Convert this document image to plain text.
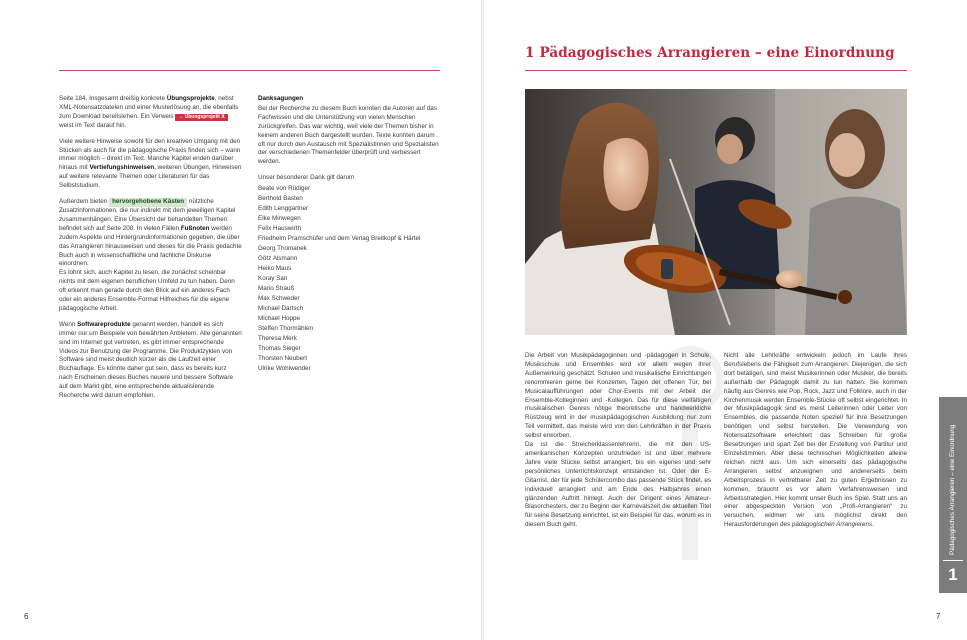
Seite 184. Insgesamt dreißig konkrete Übungsprojekte, nebst XML-Notensatzdateien und einer Musterlösung an, die ebenfalls zum Download bereitstehen. Ein Verweis → Übungsprojekt X weist im Text darauf hin.

Viele weitere Hinweise sowohl für den kreativen Umgang mit den Stücken als auch für die pädagogische Praxis finden sich – wann immer möglich – direkt im Text. Manche Kapitel enden darüber hinaus mit Vertiefungshinweisen, weiteren Übungen, Hinweisen auf weitere relevante Themen oder Literaturen für das Selbststudium.

Außerdem bieten hervorgehobene Kästen nützliche Zusatzinformationen, die nur indirekt mit dem jeweiligen Kapitel zusammenhängen. Eine Übersicht der behandelten Themen befindet sich auf Seite 208. In vielen Fällen Fußnoten werden zudem Aspekte und Hintergrundinformationen gegeben, die über das Arrangieren hinausweisen und dieses für die Praxis gedachte Buch auch in wissenschaftliche und fachliche Diskurse einordnen.

Es lohnt sich, auch Kapitel zu lesen, die zunächst scheinbar nichts mit dem eigenen beruflichen Umfeld zu tun haben. Denn oft erkennt man gerade durch den Blick auf ein anderes Fach oder ein anderes Ensemble-Format Hilfreiches für die eigene pädagogische Arbeit.

Wenn Softwareprodukte genannt werden, handelt es sich immer nur um Beispiele von bewährten Anbietern. Alle genannten sind im Internet gut vertreten, es gibt immer entsprechende Videos zur Benutzung der Programme. Die Produktzyklen von Software sind meist deutlich kürzer als die Laufzeit einer Buchauflage. Es könnte daher gut sein, dass es bereits kurz nach Erscheinen dieses Buches neuere und bessere Software auf dem Markt gibt, eine entsprechende aktualisierende Recherche wird darum empfohlen.

Danksagungen

Bei der Recherche zu diesem Buch konnten die Autoren auf das Fachwissen und die Unterstützung von vielen Menschen zurückgreifen. Das war wichtig, weil viele der Themen bisher in keinem anderen Buch dargestellt wurden. Texte konnten darum oft nur durch den Austausch mit Spezialistinnen und Spezialisten der verschiedenen Themenfelder überprüft und verbessert werden.

Unser besonderer Dank gilt darum
Beate von Rüdiger
Berthold Basten
Edith Lenggartner
Elke Minwegen
Felix Hauswirth
Friedhelm Pramschüfer und dem Verlag Breitkopf & Härtel
Georg Thomanek
Götz Alsmann
Heiko Maus
Koray San
Mario Strauß
Max Schweder
Michael Dartsch
Michael Hoppe
Steffen Thormählen
Theresa Merk
Thomas Sieger
Thorsten Neubert
Ulrike Wohlwender
6	7
1 Pädagogisches Arrangieren – eine Einordnung

Die Arbeit von Musikpädagoginnen und -pädagogen in Schule, Musikschule und Ensembles wird vor allem wegen ihrer Außenwirkung geschätzt. Schulen und musikalische Einrichtungen renommieren gerne bei Konzerten, Tagen der offenen Tür, bei Musicalaufführungen oder Chor-Events mit der Arbeit der Ensemble-Kolleginnen und -Kollegen. Das für diese vielfältigen musikalischen Genres nötige theoretische und handwerkliche Rüstzeug wird in der musikpädagogischen Ausbildung nur zum Teil vermittelt, das meiste wird von den Lehrkräften in der Praxis selbst erworben.

Da ist die Streicherklassenlehrerin, die mit den US-amerikanischen Konzepten unzufrieden ist und über mehrere Jahre viele Stücke selbst arrangiert, bis ein eigenes und sehr persönliches Unterrichtskonzept entstanden ist. Oder der E-Gitarrist, der für jede Schülercombo das passende Stück findet, es individuell arrangiert und am Ende des Halbjahres einen glänzenden Auftritt hinlegt. Auch der Dirigent eines Amateur-Blasorchesters, der zu Beginn der Karnevalszeit die aktuellen Titel für seine Besetzung einrichtet, ist ein Beispiel für das, worum es in diesem Buch geht.

Nicht alle Lehrkräfte entwickeln jedoch im Laufe ihres Berufslebens die Fähigkeit zum Arrangieren. Diejenigen, die sich dort betätigen, sind meist Musikerinnen oder Musiker, die bereits außerhalb der Pädagogik damit zu tun hatten. Sie kommen häufig aus Genres wie Pop, Rock, Jazz und Folklore, auch in der Kirchenmusik werden Ensemble-Stücke oft selbst eingerichtet. In der Musikpädagogik sind es meist Leiterinnen oder Leiter von Ensembles, die passende Noten speziell für ihre Besetzungen benötigen und selbst herstellen. Die Verwendung von Notensatzsoftware erleichtert das Schreiben für große Besetzungen und spart Zeit bei der Erstellung von Partitur und Einzelstimmen. Aber diese technischen Möglichkeiten alleine reichen nicht aus. Um sich einerseits das pädagogische Arrangieren selbst anzueignen und andererseits beim Arbeitsprozess in vertretbarer Zeit zu guten Ergebnissen zu kommen, braucht es vor allem Verfahrensweisen und Arbeitsstrategien. Hier kommt unser Buch ins Spiel. Statt uns an einer abgespeckten Version von „Profi-Arrangieren“ zu versuchen, widmen wir uns möglichst direkt den Herausforderungen des pädagogischen Arrangierens.	Pädagogisches Arrangieren – eine Einordnung
1
